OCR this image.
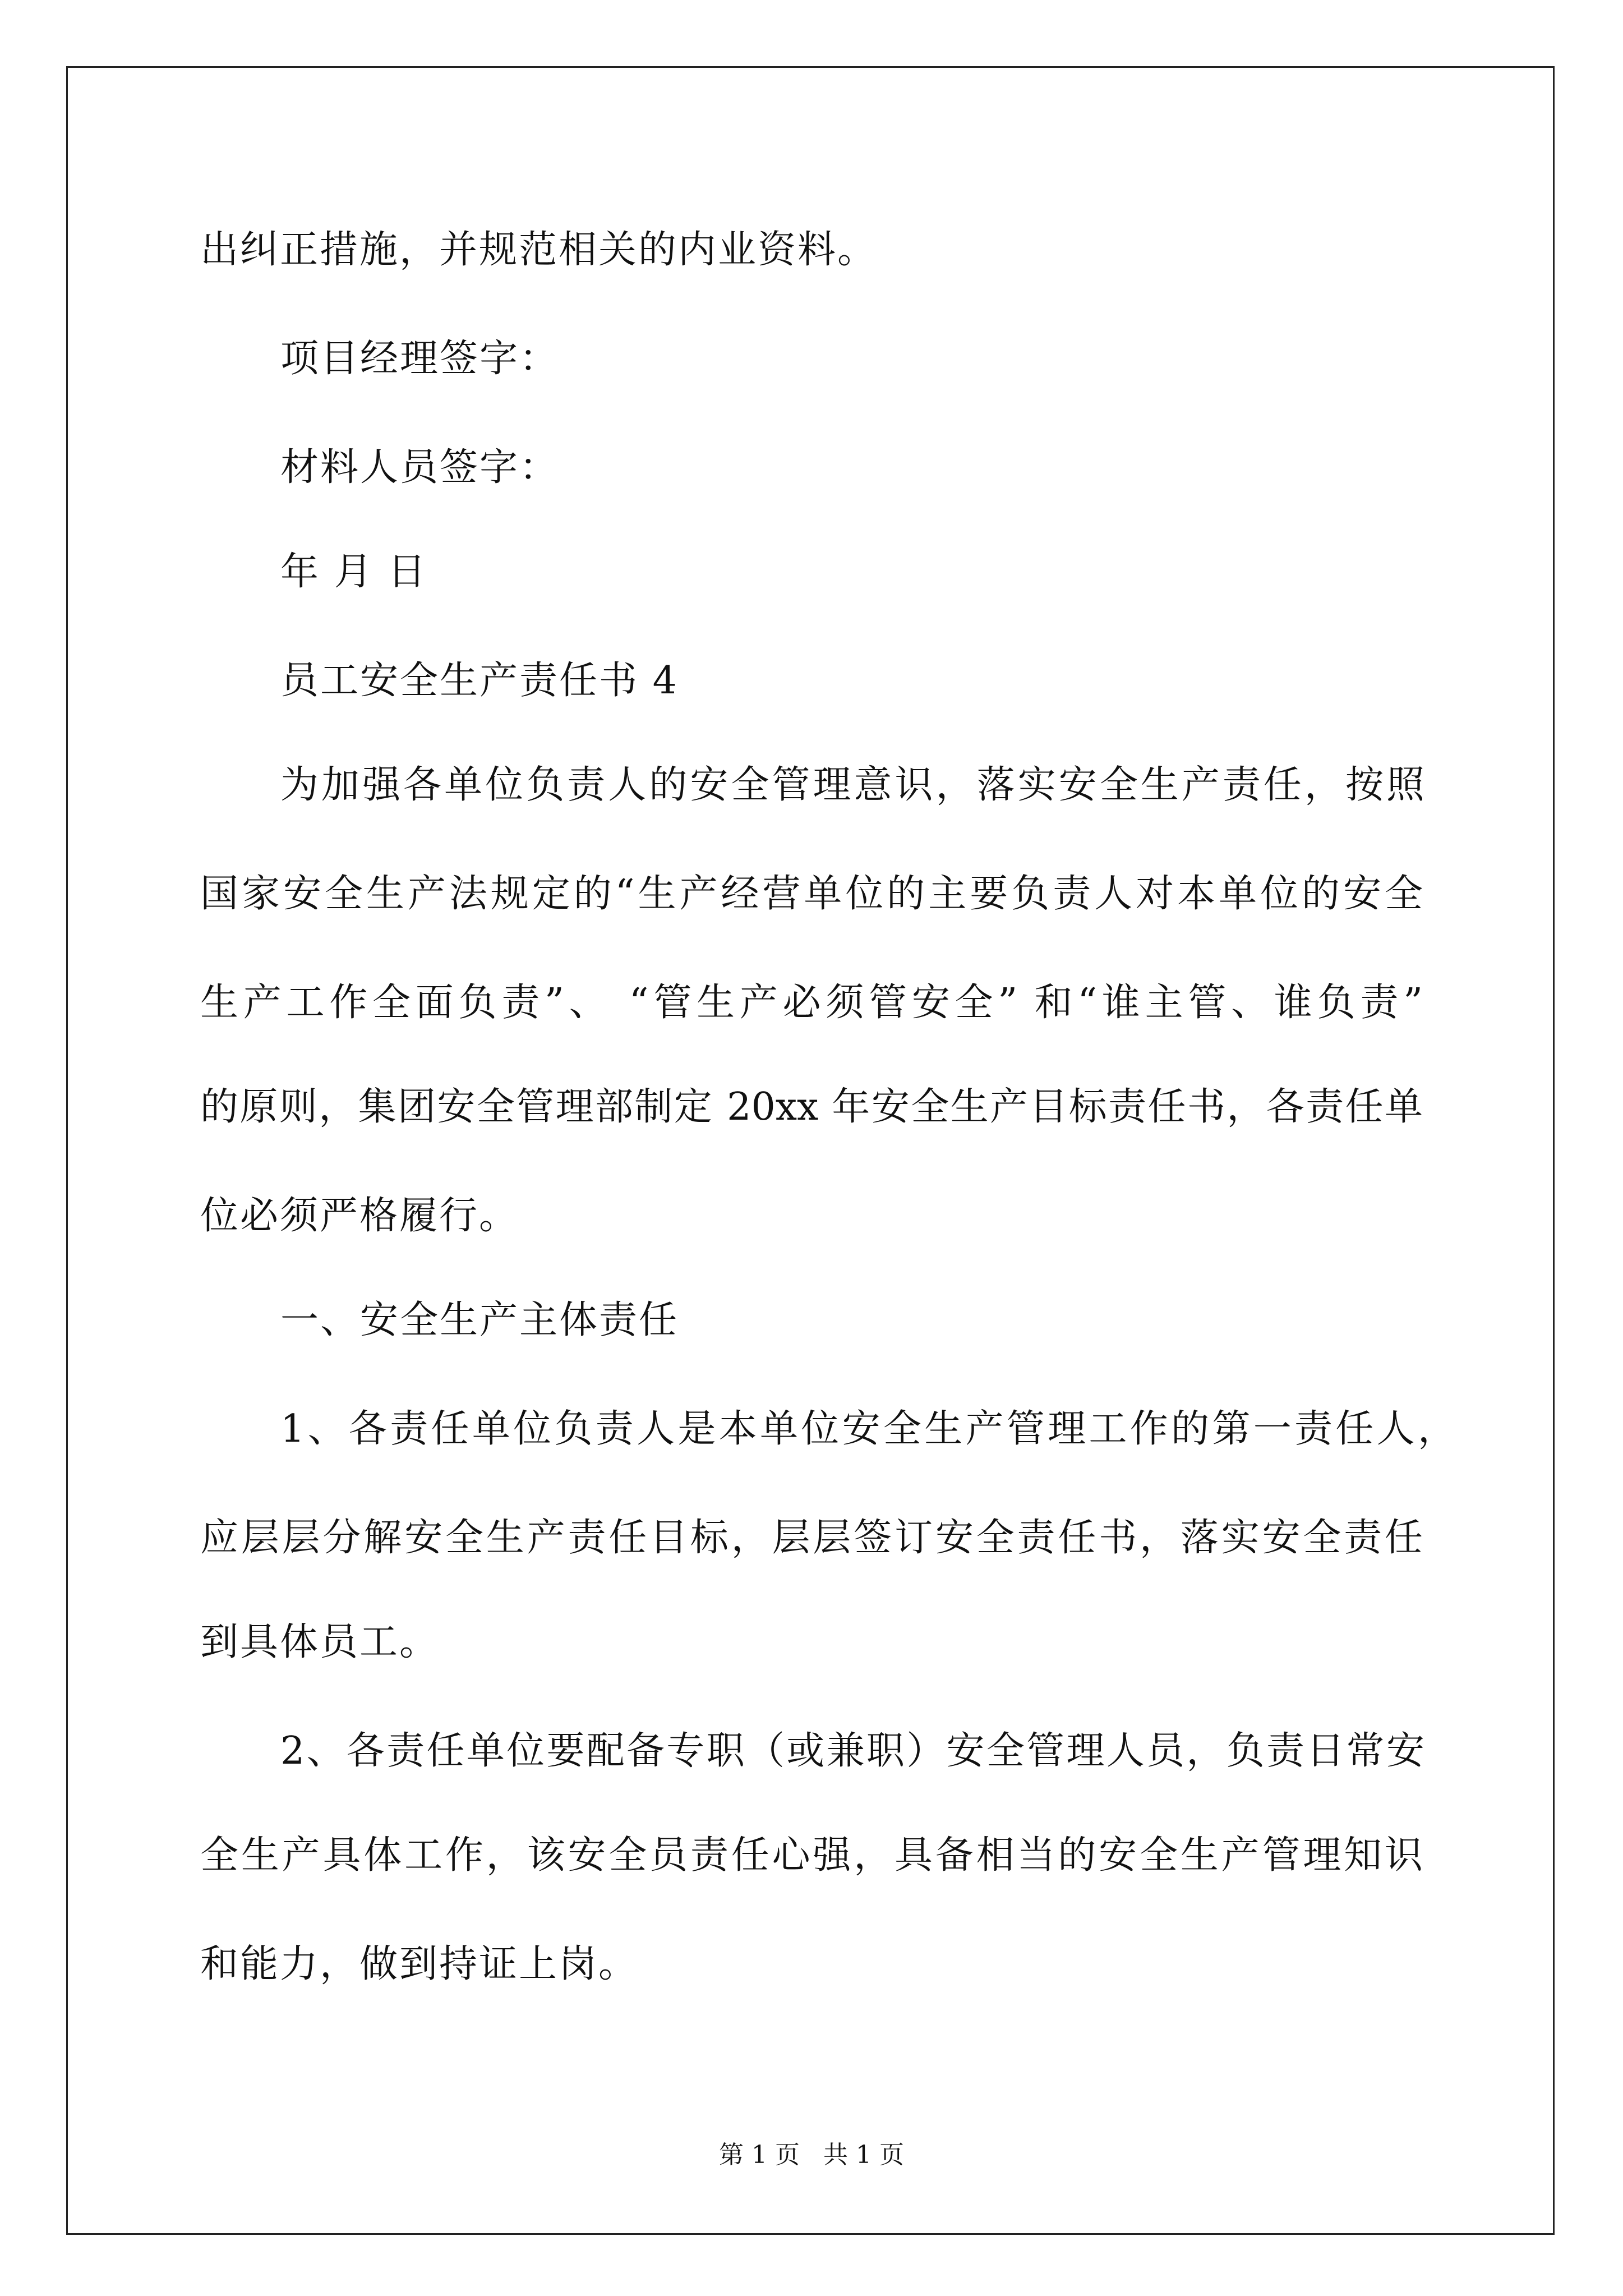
出纠正措施，并规范相关的内业资料。
项目经理签字：
材料人员签字：
年 月 日
员工安全生产责任书 4
为加强各单位负责人的安全管理意识，落实安全生产责任，按照
国家安全生产法规定的“生产经营单位的主要负责人对本单位的安全
生产工作全面负责”、 “管生产必须管安全” 和“谁主管、谁负责”
的原则，集团安全管理部制定 20xx 年安全生产目标责任书，各责任单
位必须严格履行。
一、安全生产主体责任
1、各责任单位负责人是本单位安全生产管理工作的第一责任人，
应层层分解安全生产责任目标，层层签订安全责任书，落实安全责任
到具体员工。
2、各责任单位要配备专职（或兼职）安全管理人员，负责日常安
全生产具体工作，该安全员责任心强，具备相当的安全生产管理知识
和能力，做到持证上岗。
第 1 页   共 1 页
